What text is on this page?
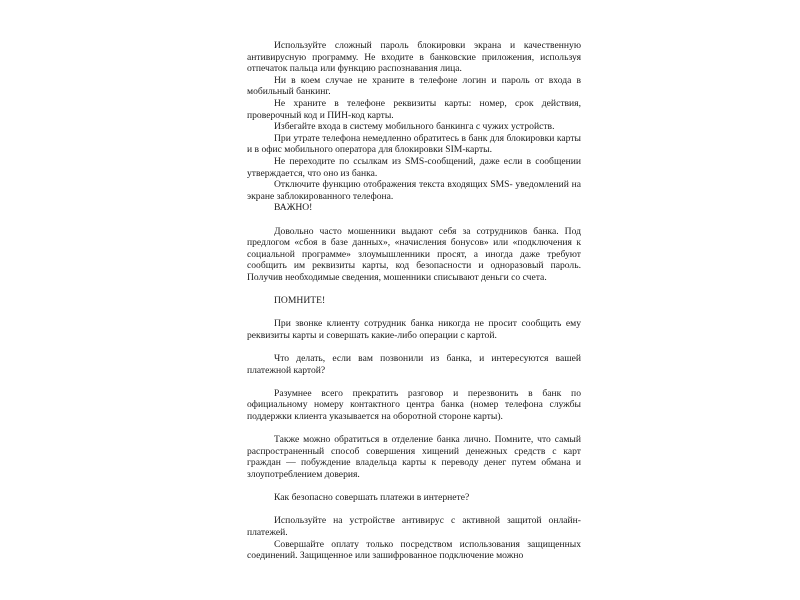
Используйте сложный пароль блокировки экрана и качественную антивирусную программу. Не входите в банковские приложения, используя отпечаток пальца или функцию распознавания лица.

Ни в коем случае не храните в телефоне логин и пароль от входа в мобильный банкинг.

Не храните в телефоне реквизиты карты: номер, срок действия, проверочный код и ПИН-код карты.

Избегайте входа в систему мобильного банкинга с чужих устройств.

При утрате телефона немедленно обратитесь в банк для блокировки карты и в офис мобильного оператора для блокировки SIM-карты.

Не переходите по ссылкам из SMS-сообщений, даже если в сообщении утверждается, что оно из банка.

Отключите функцию отображения текста входящих SMS- уведомлений на экране заблокированного телефона.

ВАЖНО!

Довольно часто мошенники выдают себя за сотрудников банка. Под предлогом «сбоя в базе данных», «начисления бонусов» или «подключения к социальной программе» злоумышленники просят, а иногда даже требуют сообщить им реквизиты карты, код безопасности и одноразовый пароль. Получив необходимые сведения, мошенники списывают деньги со счета.

ПОМНИТЕ!

При звонке клиенту сотрудник банка никогда не просит сообщить ему реквизиты карты и совершать какие-либо операции с картой.

Что делать, если вам позвонили из банка, и интересуются вашей платежной картой?

Разумнее всего прекратить разговор и перезвонить в банк по официальному номеру контактного центра банка (номер телефона службы поддержки клиента указывается на оборотной стороне карты).

Также можно обратиться в отделение банка лично. Помните, что самый распространенный способ совершения хищений денежных средств с карт граждан — побуждение владельца карты к переводу денег путем обмана и злоупотреблением доверия.

Как безопасно совершать платежи в интернете?

Используйте на устройстве антивирус с активной защитой онлайн-платежей.

Совершайте оплату только посредством использования защищенных соединений. Защищенное или зашифрованное подключение можно
